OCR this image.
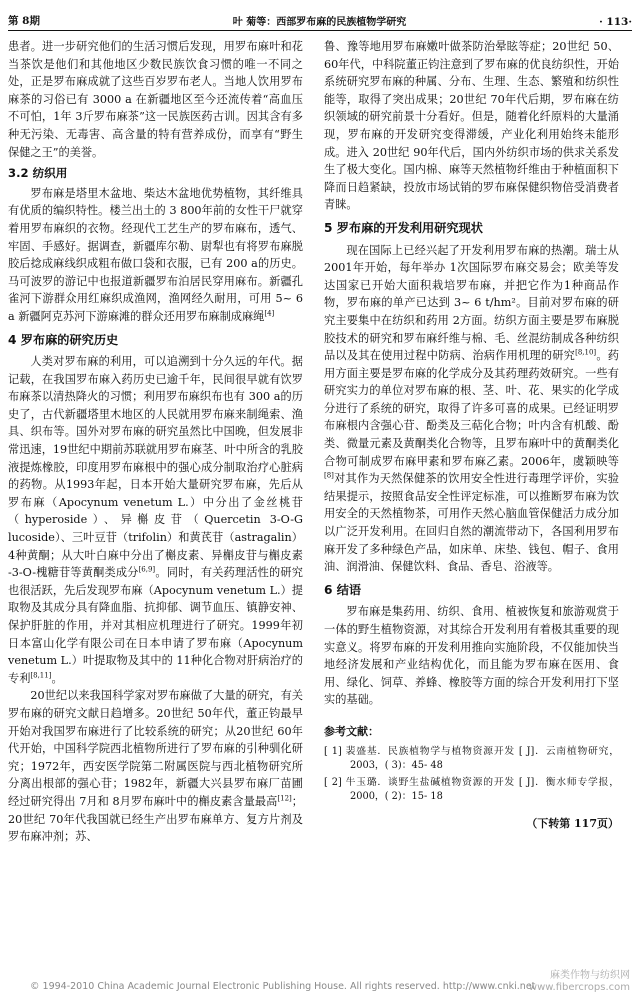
第 8期	叶 菊等：西部罗布麻的民族植物学研究	· 113·

患者。进一步研究他们的生活习惯后发现，用罗布麻叶和花当茶饮是他们和其他地区少数民族饮食习惯的唯一不同之处，正是罗布麻成就了这些百岁罗布老人。当地人饮用罗布麻茶的习俗已有 3000 a 在新疆地区至今还流传着“高血压不可怕，1年 3斤罗布麻茶”这一民族医药古训。因其含有多种无污染、无毒害、高含量的特有营养成份，而享有“野生保健之王”的美誉。

3.2 纺织用

罗布麻是塔里木盆地、柴达木盆地优势植物，其纤维具有优质的编织特性。楼兰出土的 3 800年前的女性干尸就穿着用罗布麻织的衣物。经现代工艺生产的罗布麻布，透气、牢固、手感好。据调查，新疆库尔勒、尉犁也有将罗布麻脱胶后捻成麻线织成粗布做口袋和衣服，已有 200 a的历史。马可波罗的游记中也报道新疆罗布泊居民穿用麻布。新疆孔雀河下游群众用红麻织成渔网，渔网经久耐用，可用 5~ 6 a 新疆阿克苏河下游麻滩的群众还用罗布麻制成麻绳[4]

4 罗布麻的研究历史

人类对罗布麻的利用，可以追溯到十分久远的年代。据记载，在我国罗布麻入药历史已逾千年，民间很早就有饮罗布麻茶以清热降火的习惯；利用罗布麻织布也有 300 a的历史了，古代新疆塔里木地区的人民就用罗布麻来制绳索、渔具、织布等。国外对罗布麻的研究虽然比中国晚，但发展非常迅速，19世纪中期前苏联就用罗布麻茎、叶中所含的乳胶液提炼橡胶，印度用罗布麻根中的强心成分制取治疗心脏病的药物。从1993年起，日本开始大量研究罗布麻，先后从罗布麻（Apocynum venetum L.）中分出了金丝桃苷（hyperoside）、异槲皮苷（Quercetin 3-O-G lucoside）、三叶豆苷（trifolin）和黄芪苷（astragalin）4种黄酮；从大叶白麻中分出了槲皮素、异槲皮苷与槲皮素 -3-O-槐糖苷等黄酮类成分[6,9]。同时，有关药理活性的研究也很活跃，先后发现罗布麻（Apocynum venetum L.）提取物及其成分具有降血脂、抗抑郁、调节血压、镇静安神、保护肝脏的作用，并对其相应机理进行了研究。1999年初日本富山化学有限公司在日本申请了罗布麻（Apocynum venetum L.）叶提取物及其中的 11种化合物对肝病治疗的专利[8,11]。

20世纪以来我国科学家对罗布麻做了大量的研究，有关罗布麻的研究文献日趋增多。20世纪 50年代，董正钧最早开始对我国罗布麻进行了比较系统的研究；从20世纪 60年代开始，中国科学院西北植物所进行了罗布麻的引种驯化研究；1972年，西安医学院第二附属医院与西北植物研究所分离出根部的强心苷；1982年，新疆大兴县罗布麻厂苗圃经过研究得出 7月和 8月罗布麻叶中的槲皮素含量最高[12]；20世纪 70年代我国就已经生产出罗布麻单方、复方片剂及罗布麻冲剂；苏、

鲁、豫等地用罗布麻嫩叶做茶防治晕眩等症；20世纪 50、60年代，中科院董正钧注意到了罗布麻的优良纺织性，开始系统研究罗布麻的种属、分布、生理、生态、繁殖和纺织性能等，取得了突出成果；20世纪 70年代后期，罗布麻在纺织领域的研究前景十分看好。但是，随着化纤原料的大量涌现，罗布麻的开发研究变得滞缓，产业化利用始终未能形成。进入 20世纪 90年代后，国内外纺织市场的供求关系发生了极大变化。国内棉、麻等天然植物纤维由于种植面积下降而日趋紧缺，投放市场试销的罗布麻保健织物倍受消费者青睐。

5 罗布麻的开发利用研究现状

现在国际上已经兴起了开发利用罗布麻的热潮。瑞士从 2001年开始，每年举办 1次国际罗布麻交易会；欧美等发达国家已开始大面积栽培罗布麻，并把它作为1种商品作物，罗布麻的单产已达到 3~ 6 t/hm²。目前对罗布麻的研究主要集中在纺织和药用 2方面。纺织方面主要是罗布麻脱胶技术的研究和罗布麻纤维与棉、毛、丝混纺制成各种纺织品以及其在使用过程中防病、治病作用机理的研究[8,10]。药用方面主要是罗布麻的化学成分及其药理药效研究。一些有研究实力的单位对罗布麻的根、茎、叶、花、果实的化学成分进行了系统的研究，取得了许多可喜的成果。已经证明罗布麻根内含强心苷、酚类及三萜化合物；叶内含有机酸、酚类、微量元素及黄酮类化合物等，且罗布麻叶中的黄酮类化合物可制成罗布麻甲素和罗布麻乙素。2006年，虞颖映等[8]对其作为天然保健茶的饮用安全性进行毒理学评价，实验结果提示，按照食品安全性评定标准，可以推断罗布麻为饮用安全的天然植物茶，可用作天然心脑血管保健活力成分加以广泛开发利用。在回归自然的潮流带动下，各国利用罗布麻开发了多种绿色产品，如床单、床垫、钱包、帽子、食用油、润滑油、保健饮料、食品、香皂、浴液等。

6 结语

罗布麻是集药用、纺织、食用、植被恢复和旅游观赏于一体的野生植物资源，对其综合开发利用有着极其重要的现实意义。将罗布麻的开发利用推向实施阶段，不仅能加快当地经济发展和产业结构优化，而且能为罗布麻在医用、食用、绿化、饲草、养蜂、橡胶等方面的综合开发利用打下坚实的基础。

参考文献：
[ 1] 裴盛基．民族植物学与植物资源开发 [ J]．云南植物研究，2003，( 3)：45- 48
[ 2] 牛玉璐．谈野生盐碱植物资源的开发 [ J]．衡水师专学报，2000，( 2)：15- 18
（下转第 117页）
© 1994-2010 China Academic Journal Electronic Publishing House. All rights reserved. http://www.cnki.net
麻类作物与纺织网
www.fibercrops.com
